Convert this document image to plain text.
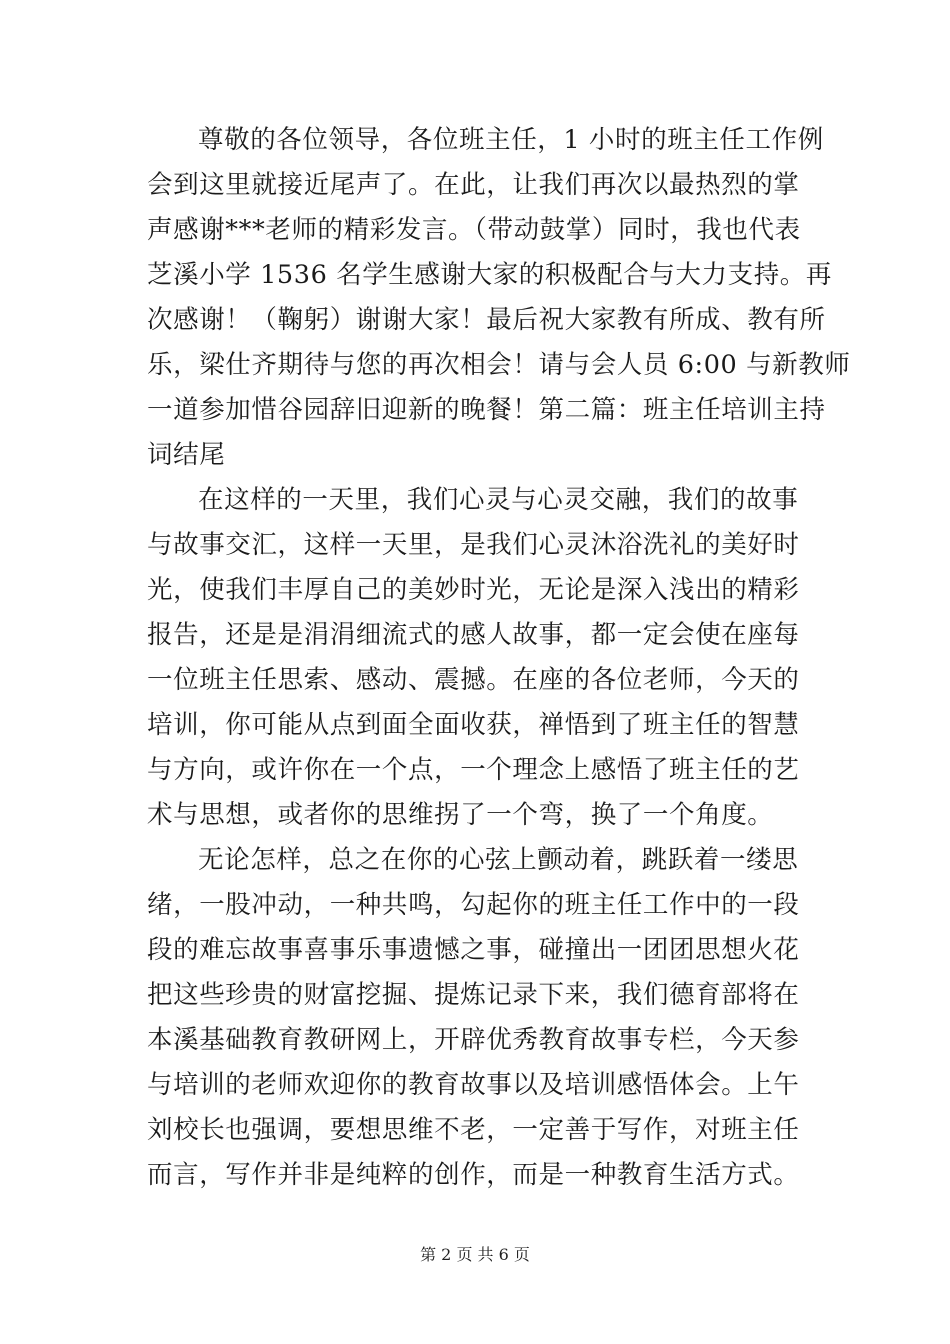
尊敬的各位领导，各位班主任，1 小时的班主任工作例
会到这里就接近尾声了。在此，让我们再次以最热烈的掌
声感谢***老师的精彩发言。（带动鼓掌）同时，我也代表
芝溪小学 1536 名学生感谢大家的积极配合与大力支持。再
次感谢！（鞠躬）谢谢大家！最后祝大家教有所成、教有所
乐，梁仕齐期待与您的再次相会！请与会人员 6:00 与新教师
一道参加惜谷园辞旧迎新的晚餐！第二篇：班主任培训主持
词结尾
在这样的一天里，我们心灵与心灵交融，我们的故事
与故事交汇，这样一天里，是我们心灵沐浴洗礼的美好时
光，使我们丰厚自己的美妙时光，无论是深入浅出的精彩
报告，还是是涓涓细流式的感人故事，都一定会使在座每
一位班主任思索、感动、震撼。在座的各位老师，今天的
培训，你可能从点到面全面收获，禅悟到了班主任的智慧
与方向，或许你在一个点，一个理念上感悟了班主任的艺
术与思想，或者你的思维拐了一个弯，换了一个角度。
无论怎样，总之在你的心弦上颤动着，跳跃着一缕思
绪，一股冲动，一种共鸣，勾起你的班主任工作中的一段
段的难忘故事喜事乐事遗憾之事，碰撞出一团团思想火花
把这些珍贵的财富挖掘、提炼记录下来，我们德育部将在
本溪基础教育教研网上，开辟优秀教育故事专栏，今天参
与培训的老师欢迎你的教育故事以及培训感悟体会。上午
刘校长也强调，要想思维不老，一定善于写作，对班主任
而言，写作并非是纯粹的创作，而是一种教育生活方式。
第 2 页 共 6 页
